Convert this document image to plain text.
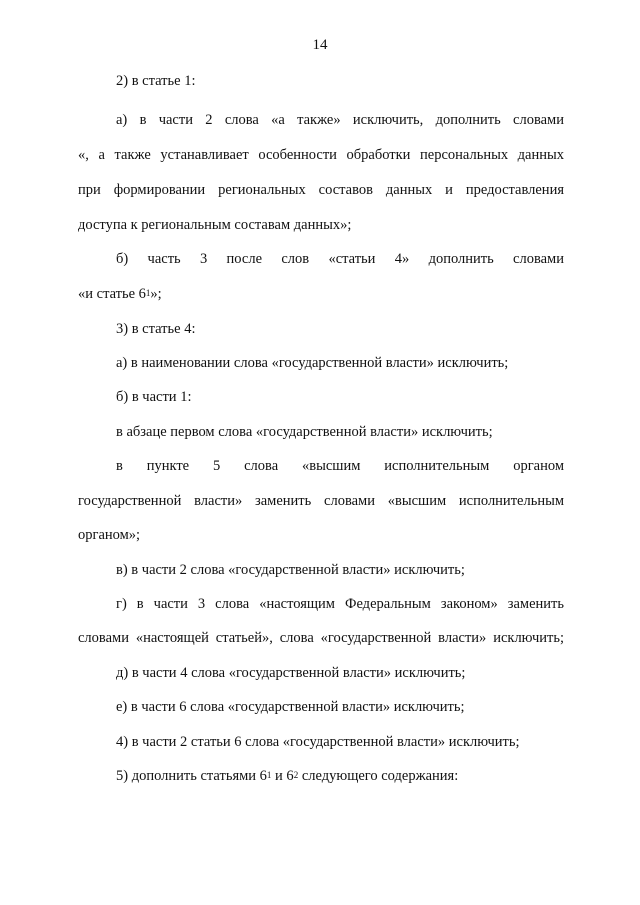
14
2) в статье 1:
а) в части 2 слова «а также» исключить, дополнить словами
«, а также устанавливает особенности обработки персональных данных
при формировании региональных составов данных и предоставления
доступа к региональным составам данных»;
б) часть 3 после слов «статьи 4» дополнить словами
«и статье $6^1$»;
3) в статье 4:
а) в наименовании слова «государственной власти» исключить;
б) в части 1:
в абзаце первом слова «государственной власти» исключить;
в пункте 5 слова «высшим исполнительным органом
государственной власти» заменить словами «высшим исполнительным
органом»;
в) в части 2 слова «государственной власти» исключить;
г) в части 3 слова «настоящим Федеральным законом» заменить
словами «настоящей статьей», слова «государственной власти» исключить;
д) в части 4 слова «государственной власти» исключить;
е) в части 6 слова «государственной власти» исключить;
4) в части 2 статьи 6 слова «государственной власти» исключить;
5) дополнить статьями $6^1$ и $6^2$ следующего содержания:
